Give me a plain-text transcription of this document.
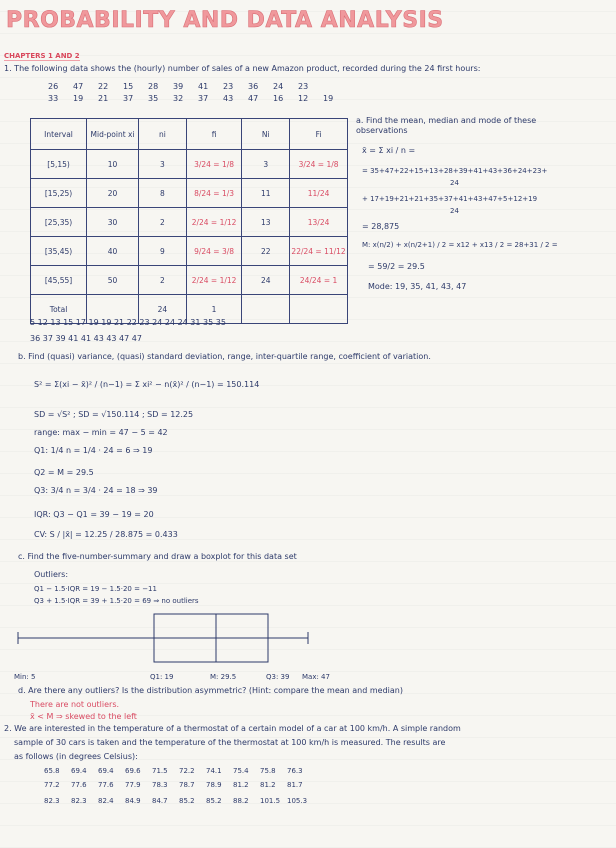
PROBABILITY AND DATA ANALYSIS
CHAPTERS 1 AND 2
1. The following data shows the (hourly) number of sales of a new Amazon product, recorded during the 24 first hours:
26 47 22 15 28 39 41 23 36 24 23
33 19 21 37 35 32 37 43 47 16 12 19
Interval	Mid-point xi	ni	fi	Ni	Fi
[5,15)	10	3	3/24 = 1/8	3	3/24 = 1/8
[15,25)	20	8	8/24 = 1/3	11	11/24
[25,35)	30	2	2/24 = 1/12	13	13/24
[35,45)	40	9	9/24 = 3/8	22	22/24 = 11/12
[45,55]	50	2	2/24 = 1/12	24	24/24 = 1
Total		24	1		
a. Find the mean, median and mode of these observations
x̄ = Σ xi / n =
= 35+47+22+15+13+28+39+41+43+36+24+23+
24
+ 17+19+21+21+35+37+41+43+47+5+12+19
24
= 28,875
M: x(n/2) + x(n/2+1) / 2 = x12 + x13 / 2 = 28+31 / 2 =
= 59/2 = 29.5
Mode: 19, 35, 41, 43, 47
5 12 13 15 17 19 19 21 22 23 24 24 24 31 35 35
36 37 39 41 41 43 43 47 47
b. Find (quasi) variance, (quasi) standard deviation, range, inter-quartile range, coefficient of variation.
S² = Σ(xi − x̄)² / (n−1) = Σ xi² − n(x̄)² / (n−1) = 150.114
SD = √S² ; SD = √150.114 ; SD = 12.25
range: max − min = 47 − 5 = 42
Q1: 1/4 n = 1/4 · 24 = 6 ⇒ 19
Q2 = M = 29.5
Q3: 3/4 n = 3/4 · 24 = 18 ⇒ 39
IQR: Q3 − Q1 = 39 − 19 = 20
CV: S / |x̄| = 12.25 / 28.875 = 0.433
c. Find the five-number-summary and draw a boxplot for this data set
Outliers:
Q1 − 1.5·IQR = 19 − 1.5·20 = −11
Q3 + 1.5·IQR = 39 + 1.5·20 = 69 ⇒ no outliers
Min: 5	Q1: 19	M: 29.5	Q3: 39 Max: 47
d. Are there any outliers? Is the distribution asymmetric? (Hint: compare the mean and median)
There are not outliers.
x̄ < M ⇒ skewed to the left
2. We are interested in the temperature of a thermostat of a certain model of a car at 100 km/h. A simple random
sample of 30 cars is taken and the temperature of the thermostat at 100 km/h is measured. The results are
as follows (in degrees Celsius):
65.8 69.4 69.4 69.6 71.5 72.2 74.1 75.4 75.8 76.3
77.2 77.6 77.6 77.9 78.3 78.7 78.9 81.2 81.2 81.7
82.3 82.3 82.4 84.9 84.7 85.2 85.2 88.2 101.5 105.3
